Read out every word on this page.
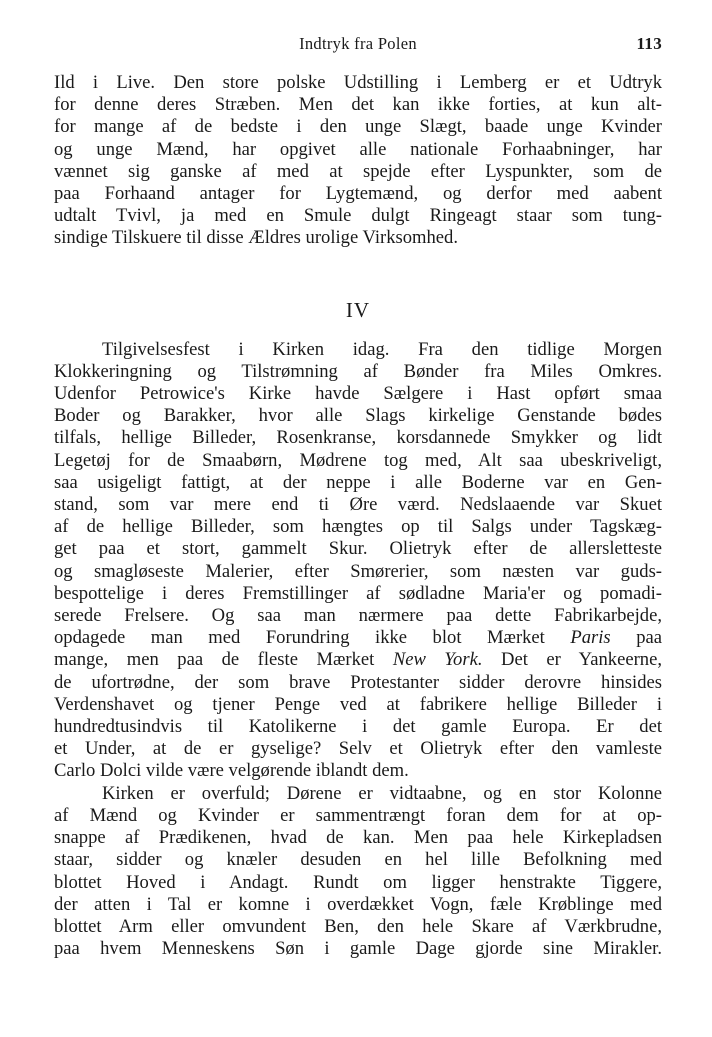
Indtryk fra Polen	113

Ild i Live. Den store polske Udstilling i Lemberg er et Udtryk
for denne deres Stræben. Men det kan ikke forties, at kun alt-
for mange af de bedste i den unge Slægt, baade unge Kvinder
og unge Mænd, har opgivet alle nationale Forhaabninger, har
vænnet sig ganske af med at spejde efter Lyspunkter, som de
paa Forhaand antager for Lygtemænd, og derfor med aabent
udtalt Tvivl, ja med en Smule dulgt Ringeagt staar som tung-
sindige Tilskuere til disse Ældres urolige Virksomhed.

IV

Tilgivelsesfest i Kirken idag. Fra den tidlige Morgen
Klokkeringning og Tilstrømning af Bønder fra Miles Omkres.
Udenfor Petrowice's Kirke havde Sælgere i Hast opført smaa
Boder og Barakker, hvor alle Slags kirkelige Genstande bødes
tilfals, hellige Billeder, Rosenkranse, korsdannede Smykker og lidt
Legetøj for de Smaabørn, Mødrene tog med, Alt saa ubeskriveligt,
saa usigeligt fattigt, at der neppe i alle Boderne var en Gen-
stand, som var mere end ti Øre værd. Nedslaaende var Skuet
af de hellige Billeder, som hængtes op til Salgs under Tagskæg-
get paa et stort, gammelt Skur. Olietryk efter de allersletteste
og smagløseste Malerier, efter Smørerier, som næsten var guds-
bespottelige i deres Fremstillinger af sødladne Maria'er og pomadi-
serede Frelsere. Og saa man nærmere paa dette Fabrikarbejde,
opdagede man med Forundring ikke blot Mærket Paris paa
mange, men paa de fleste Mærket New York. Det er Yankeerne,
de ufortrødne, der som brave Protestanter sidder derovre hinsides
Verdenshavet og tjener Penge ved at fabrikere hellige Billeder i
hundredtusindvis til Katolikerne i det gamle Europa. Er det
et Under, at de er gyselige? Selv et Olietryk efter den vamleste
Carlo Dolci vilde være velgørende iblandt dem.

Kirken er overfuld; Dørene er vidtaabne, og en stor Kolonne
af Mænd og Kvinder er sammentrængt foran dem for at op-
snappe af Prædikenen, hvad de kan. Men paa hele Kirkepladsen
staar, sidder og knæler desuden en hel lille Befolkning med
blottet Hoved i Andagt. Rundt om ligger henstrakte Tiggere,
der atten i Tal er komne i overdækket Vogn, fæle Krøblinge med
blottet Arm eller omvundent Ben, den hele Skare af Værkbrudne,
paa hvem Menneskens Søn i gamle Dage gjorde sine Mirakler.
